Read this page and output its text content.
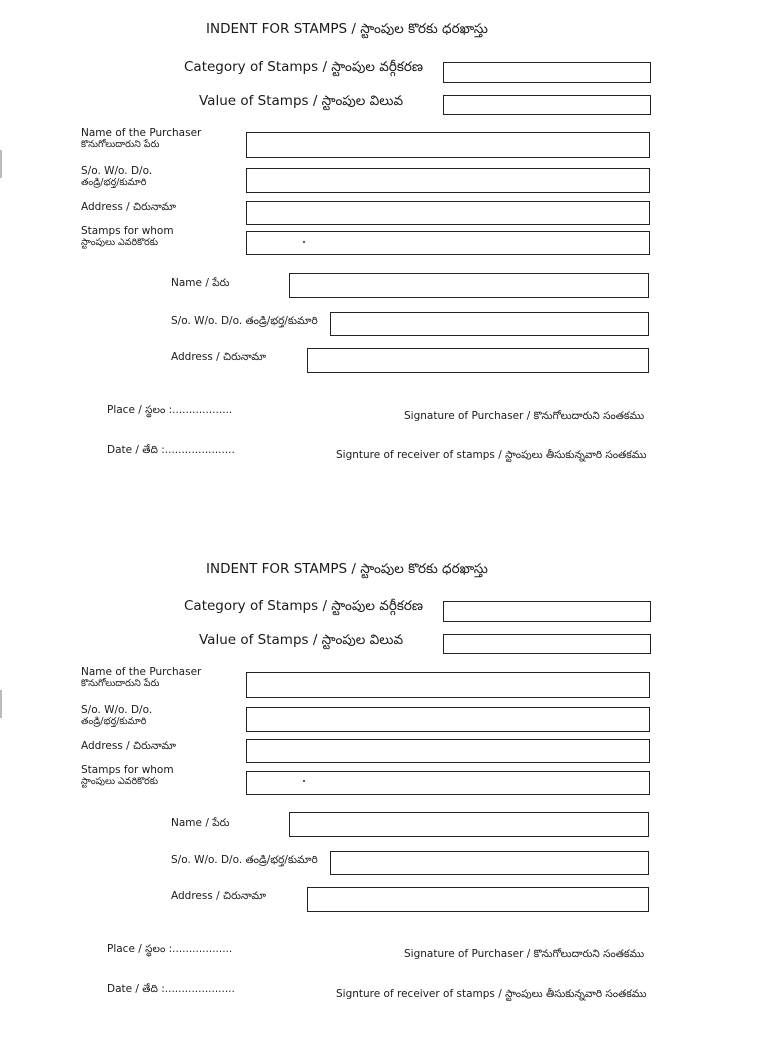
INDENT FOR STAMPS / స్టాంపుల కొరకు ధరఖాస్తు
Category of Stamps / స్టాంపుల వర్గీకరణ
Value of Stamps / స్టాంపుల విలువ
Name of the Purchaser
కొనుగోలుదారుని పేరు
S/o. W/o. D/o.
తండ్రి/భర్త/కుమారి
Address / చిరునామా
Stamps for whom
స్టాంపులు ఎవరికొరకు
Name / పేరు
S/o. W/o. D/o. తండ్రి/భర్త/కుమారి
Address / చిరునామా
Place / స్థలం :..................	Signature of Purchaser / కొనుగోలుదారుని సంతకము
Date / తేది :.....................	Signture of receiver of stamps / స్టాంపులు తీసుకున్నవారి సంతకము
INDENT FOR STAMPS / స్టాంపుల కొరకు ధరఖాస్తు
Category of Stamps / స్టాంపుల వర్గీకరణ
Value of Stamps / స్టాంపుల విలువ
Name of the Purchaser
కొనుగోలుదారుని పేరు
S/o. W/o. D/o.
తండ్రి/భర్త/కుమారి
Address / చిరునామా
Stamps for whom
స్టాంపులు ఎవరికొరకు
Name / పేరు
S/o. W/o. D/o. తండ్రి/భర్త/కుమారి
Address / చిరునామా
Place / స్థలం :..................	Signature of Purchaser / కొనుగోలుదారుని సంతకము
Date / తేది :.....................	Signture of receiver of stamps / స్టాంపులు తీసుకున్నవారి సంతకము
